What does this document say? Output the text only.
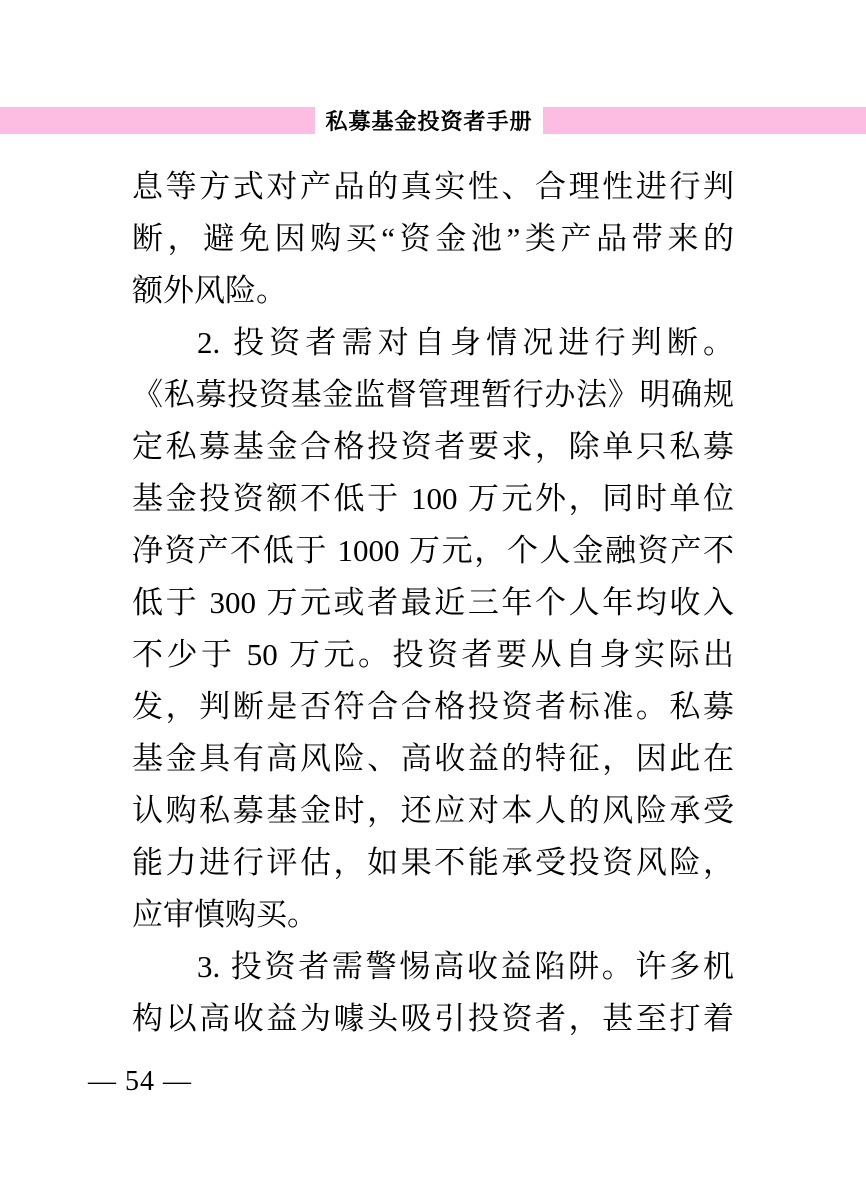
私募基金投资者手册
息等方式对产品的真实性、合理性进行判
断，避免因购买“资金池”类产品带来的
额外风险。
2. 投资者需对自身情况进行判断。
《私募投资基金监督管理暂行办法》明确规
定私募基金合格投资者要求，除单只私募
基金投资额不低于 100 万元外，同时单位
净资产不低于 1000 万元，个人金融资产不
低于 300 万元或者最近三年个人年均收入
不少于 50 万元。投资者要从自身实际出
发，判断是否符合合格投资者标准。私募
基金具有高风险、高收益的特征，因此在
认购私募基金时，还应对本人的风险承受
能力进行评估，如果不能承受投资风险，
应审慎购买。
3. 投资者需警惕高收益陷阱。许多机
构以高收益为噱头吸引投资者，甚至打着
— 54 —
